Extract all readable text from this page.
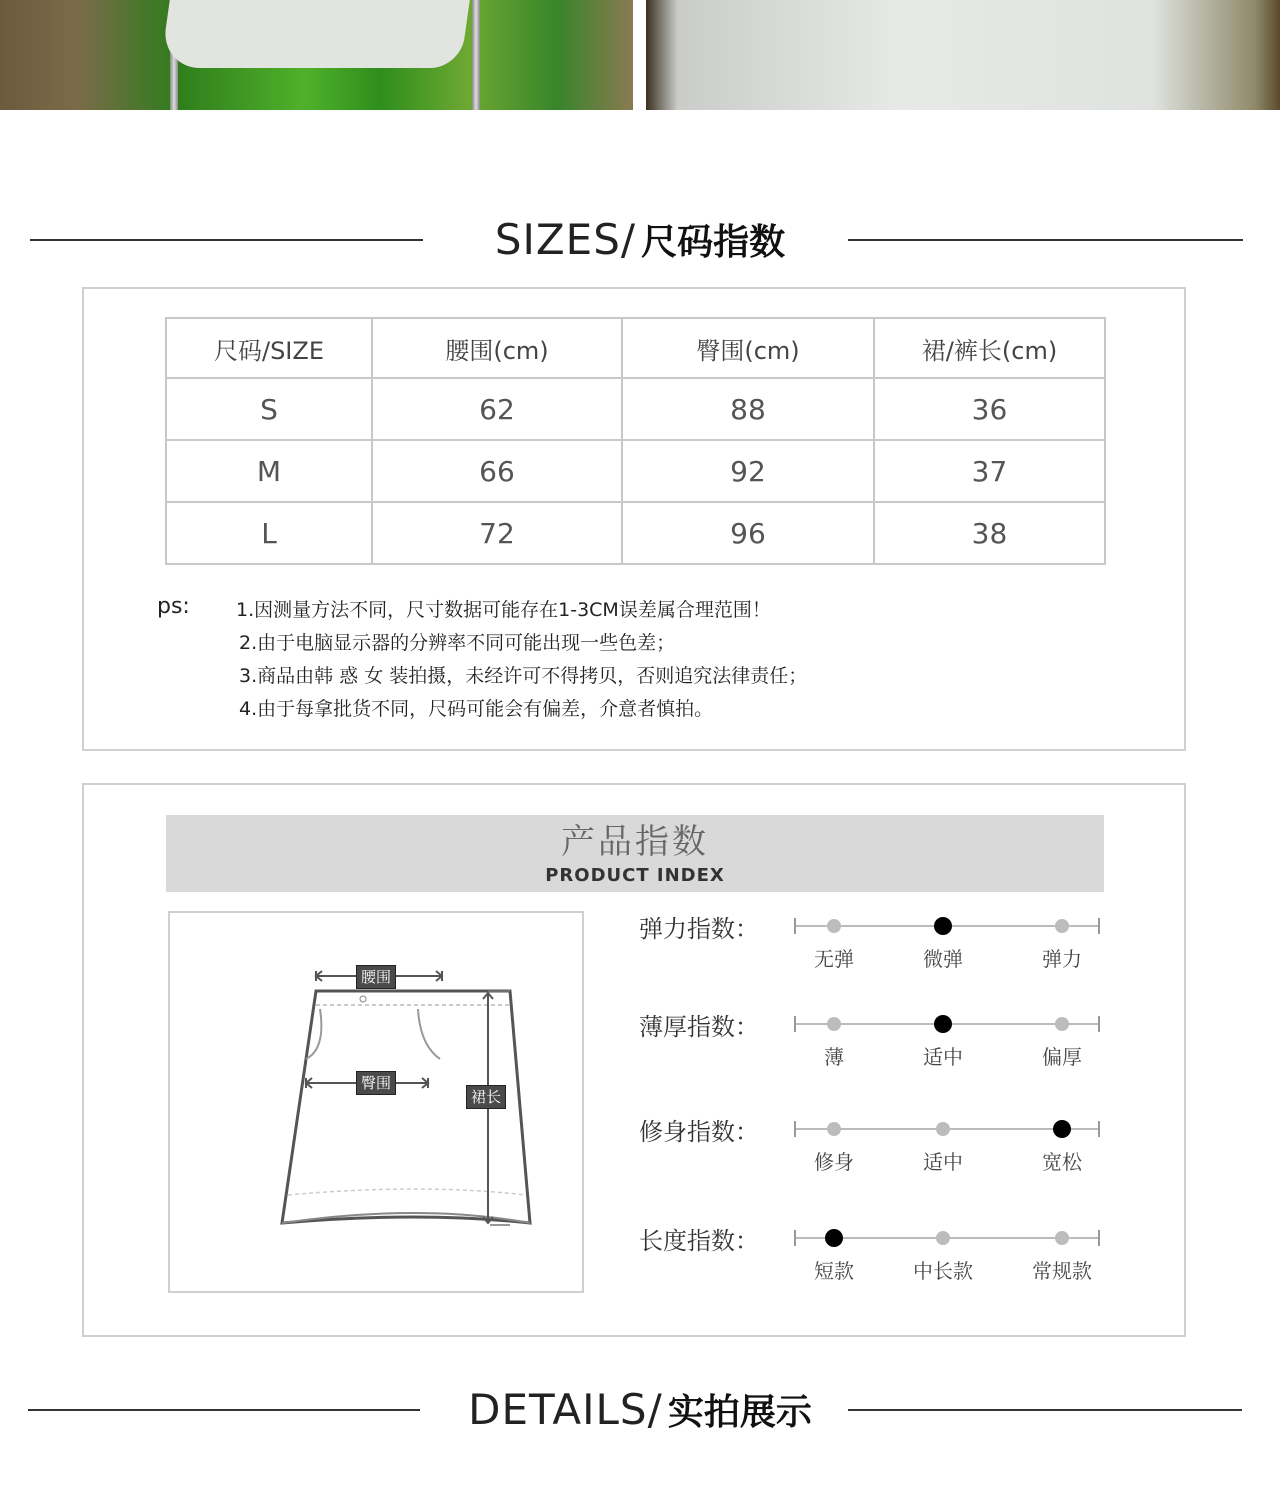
SIZES/ 尺码指数
尺码/SIZE	腰围(cm)	臀围(cm)	裙/裤长(cm)
S	62	88	36
M	66	92	37
L	72	96	38
ps: 1.因测量方法不同，尺寸数据可能存在1-3CM误差属合理范围！
2.由于电脑显示器的分辨率不同可能出现一些色差；
3.商品由韩 惑 女 装拍摄，未经许可不得拷贝，否则追究法律责任；
4.由于每拿批货不同，尺码可能会有偏差，介意者慎拍。
产品指数
PRODUCT INDEX
腰围
臀围
裙长
弹力指数：
无弹	微弹	弹力
薄厚指数：
薄	适中	偏厚
修身指数：
修身	适中	宽松
长度指数：
短款	中长款	常规款
DETAILS/ 实拍展示
